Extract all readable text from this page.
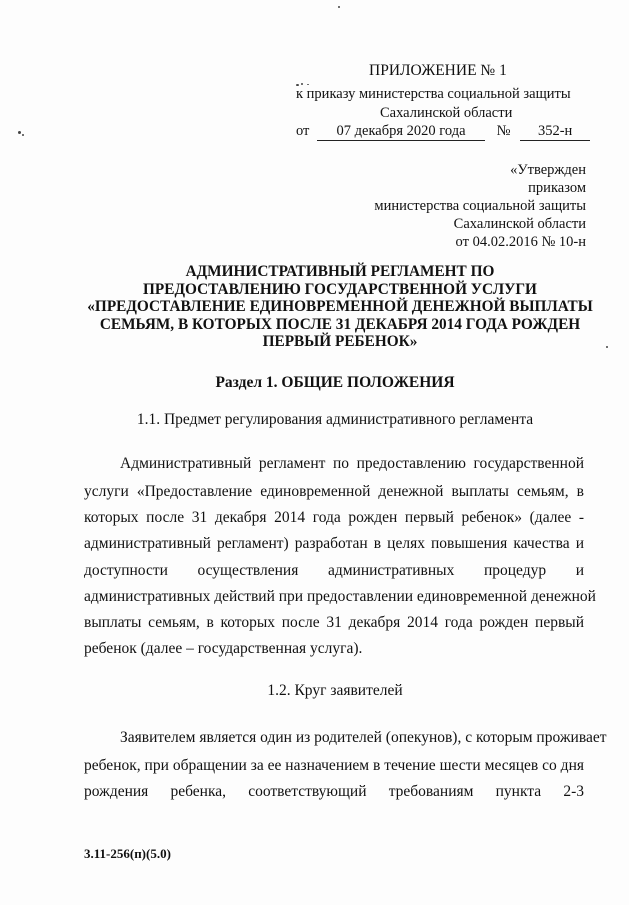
ПРИЛОЖЕНИЕ № 1
к приказу министерства социальной защиты
Сахалинской области
от 07 декабря 2020 года № 352-н
«Утвержден
приказом
министерства социальной защиты
Сахалинской области
от 04.02.2016 № 10-н
АДМИНИСТРАТИВНЫЙ РЕГЛАМЕНТ ПО
ПРЕДОСТАВЛЕНИЮ ГОСУДАРСТВЕННОЙ УСЛУГИ
«ПРЕДОСТАВЛЕНИЕ ЕДИНОВРЕМЕННОЙ ДЕНЕЖНОЙ ВЫПЛАТЫ
СЕМЬЯМ, В КОТОРЫХ ПОСЛЕ 31 ДЕКАБРЯ 2014 ГОДА РОЖДЕН
ПЕРВЫЙ РЕБЕНОК»
Раздел 1. ОБЩИЕ ПОЛОЖЕНИЯ
1.1. Предмет регулирования административного регламента
Административный регламент по предоставлению государственной
услуги «Предоставление единовременной денежной выплаты семьям, в
которых после 31 декабря 2014 года рожден первый ребенок» (далее -
административный регламент) разработан в целях повышения качества и
доступности осуществления административных процедур и
административных действий при предоставлении единовременной денежной
выплаты семьям, в которых после 31 декабря 2014 года рожден первый
ребенок (далее – государственная услуга).
1.2. Круг заявителей
Заявителем является один из родителей (опекунов), с которым проживает
ребенок, при обращении за ее назначением в течение шести месяцев со дня
рождения ребенка, соответствующий требованиям пункта 2-3
3.11-256(п)(5.0)
